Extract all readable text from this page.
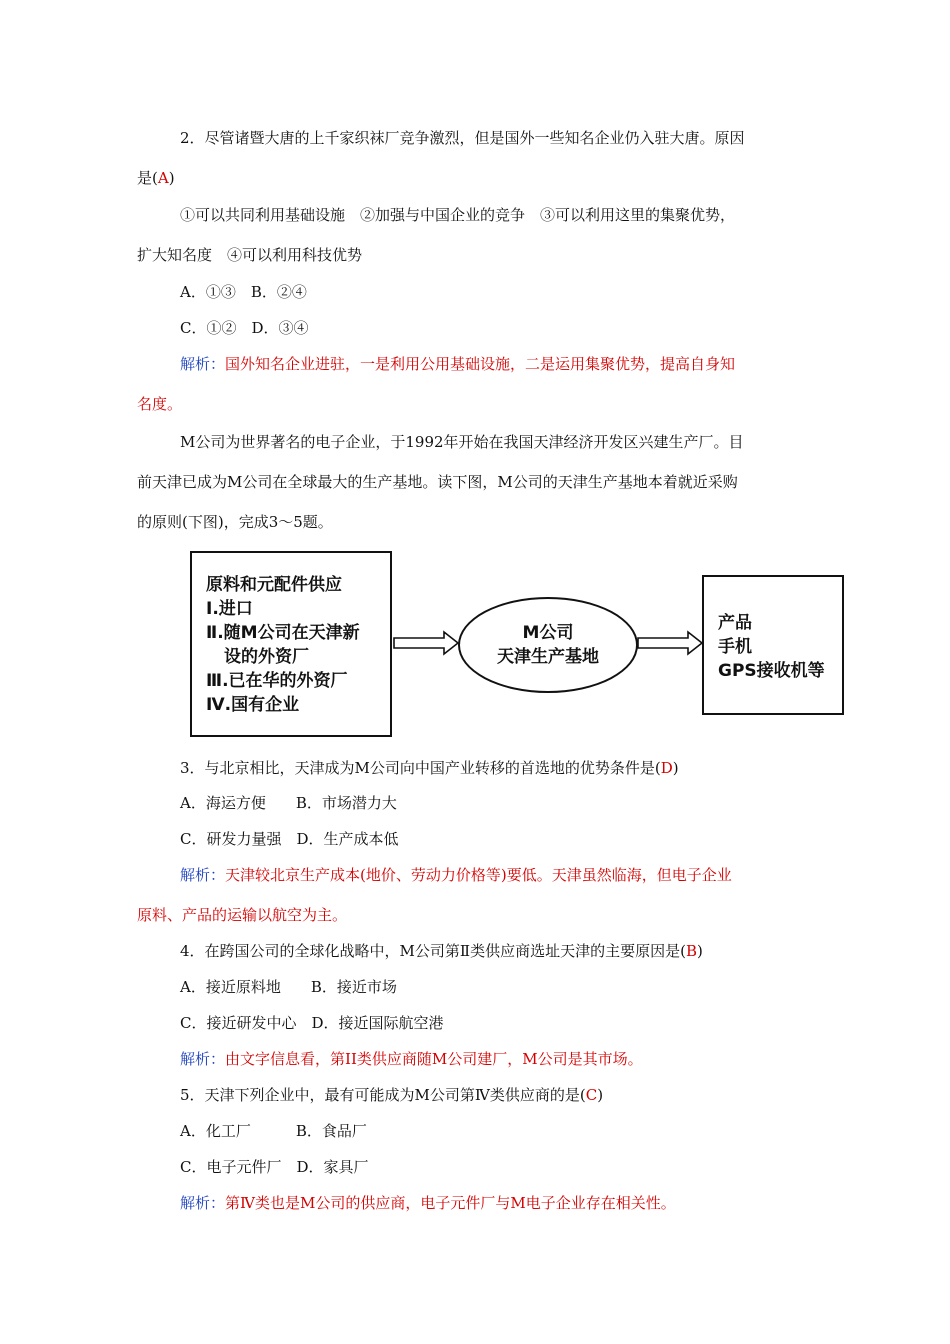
2．尽管诸暨大唐的上千家织袜厂竞争激烈，但是国外一些知名企业仍入驻大唐。原因
是(A)
①可以共同利用基础设施　②加强与中国企业的竞争　③可以利用这里的集聚优势，
扩大知名度　④可以利用科技优势
A．①③　B．②④
C．①②　D．③④
解析：国外知名企业进驻，一是利用公用基础设施，二是运用集聚优势，提高自身知
名度。
M公司为世界著名的电子企业，于1992年开始在我国天津经济开发区兴建生产厂。目
前天津已成为M公司在全球最大的生产基地。读下图，M公司的天津生产基地本着就近采购
的原则(下图)，完成3～5题。
原料和元配件供应
Ⅰ.进口
Ⅱ.随M公司在天津新
设的外资厂
Ⅲ.已在华的外资厂
Ⅳ.国有企业
M公司
天津生产基地
产品
手机
GPS接收机等
3．与北京相比，天津成为M公司向中国产业转移的首选地的优势条件是(D)
A．海运方便　　B．市场潜力大
C．研发力量强　D．生产成本低
解析：天津较北京生产成本(地价、劳动力价格等)要低。天津虽然临海，但电子企业
原料、产品的运输以航空为主。
4．在跨国公司的全球化战略中，M公司第Ⅱ类供应商选址天津的主要原因是(B)
A．接近原料地　　B．接近市场
C．接近研发中心　D．接近国际航空港
解析：由文字信息看，第II类供应商随M公司建厂，M公司是其市场。
5．天津下列企业中，最有可能成为M公司第Ⅳ类供应商的是(C)
A．化工厂　　　B．食品厂
C．电子元件厂　D．家具厂
解析：第Ⅳ类也是M公司的供应商，电子元件厂与M电子企业存在相关性。
